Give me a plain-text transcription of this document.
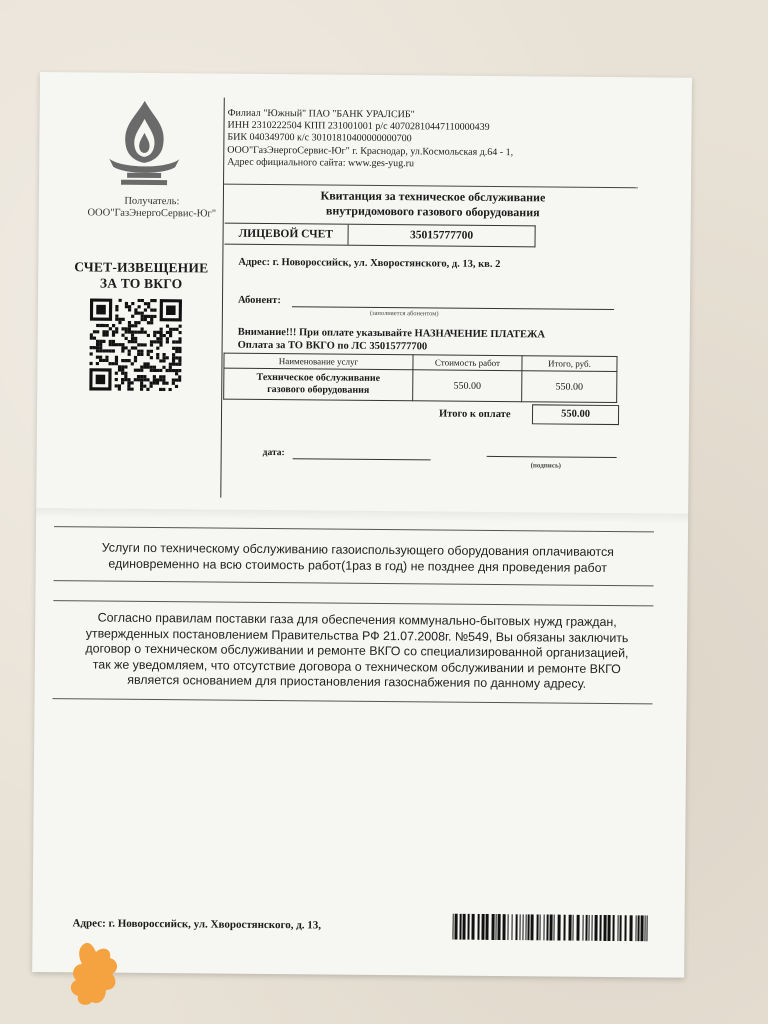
Получатель:
ООО"ГазЭнергоСервис-Юг"
СЧЕТ-ИЗВЕЩЕНИЕ
ЗА ТО ВКГО
Филиал "Южный" ПАО "БАНК УРАЛСИБ"
ИНН 2310222504 КПП 231001001 р/с 40702810447110000439
БИК 040349700 к/с 30101810400000000700
ООО"ГазЭнергоСервис-Юг" г. Краснодар, ул.Космольская д.64 - 1,
Адрес официального сайта: www.ges-yug.ru
Квитанция за техническое обслуживание
внутридомового газового оборудования
ЛИЦЕВОЙ СЧЕТ	35015777700
Адрес: г. Новороссийск, ул. Хворостянского, д. 13, кв. 2
Абонент:
(заполняется абонентом)
Внимание!!! При оплате указывайте НАЗНАЧЕНИЕ ПЛАТЕЖА
Оплата за ТО ВКГО по ЛС 35015777700
Наименование услуг	Стоимость работ	Итого, руб.

Техническое обслуживание
газового оборудования	550.00	550.00
Итого к оплате	550.00
дата:
(подпись)
Услуги по техническому обслуживанию газоиспользующего оборудования оплачиваются
единовременно на всю стоимость работ(1раз в год) не позднее дня проведения работ
Согласно правилам поставки газа для обеспечения коммунально-бытовых нужд граждан,
утвержденных постановлением Правительства РФ 21.07.2008г. №549, Вы обязаны заключить
договор о техническом обслуживании и ремонте ВКГО со специализированной организацией,
так же уведомляем, что отсутствие договора о техническом обслуживании и ремонте ВКГО
является основанием для приостановления газоснабжения по данному адресу.
Адрес: г. Новороссийск, ул. Хворостянского, д. 13,
